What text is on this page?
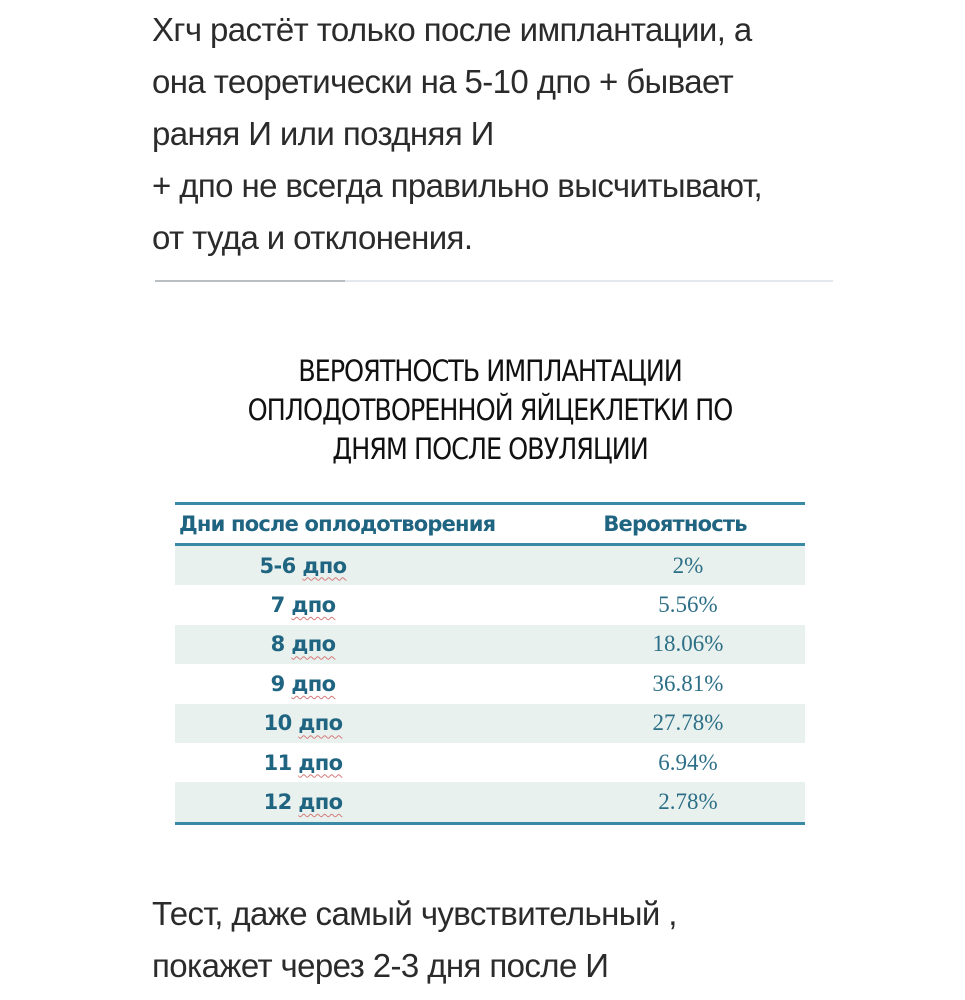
Хгч растёт только после имплантации, а
она теоретически на 5-10 дпо + бывает
раняя И или поздняя И
+ дпо не всегда правильно высчитывают,
от туда и отклонения.
ВЕРОЯТНОСТЬ ИМПЛАНТАЦИИ
ОПЛОДОТВОРЕННОЙ ЯЙЦЕКЛЕТКИ ПО
ДНЯМ ПОСЛЕ ОВУЛЯЦИИ
Дни после оплодотворения	Вероятность
5-6 дпо	2%
7 дпо	5.56%
8 дпо	18.06%
9 дпо	36.81%
10 дпо	27.78%
11 дпо	6.94%
12 дпо	2.78%
Тест, даже самый чувствительный ,
покажет через 2-3 дня после И
